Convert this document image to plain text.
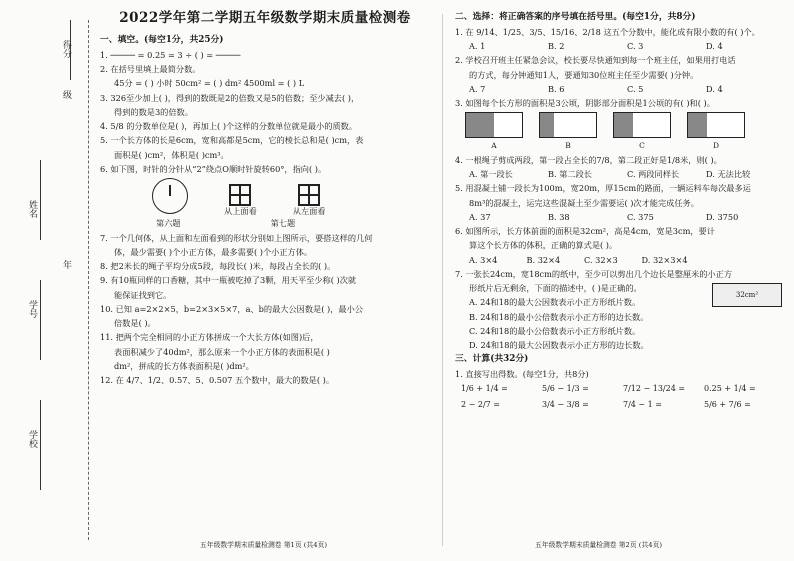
得分
级
姓名
学号
年
学校
2022学年第二学期五年级数学期末质量检测卷
一、填空。(每空1分，共25分)
1. ───── = 0.25 = 3 ÷ ( ) = ─────
2. 在括号里填上最简分数。
45分 = ( ) 小时 50cm² = ( ) dm² 4500ml = ( ) L
3. 326至少加上( )，得到的数既是2的倍数又是5的倍数；至少减去( )，
得到的数是3的倍数。
4. 5/8 的分数单位是( )，再加上( )个这样的分数单位就是最小的质数。
5. 一个长方体的长是6cm，宽和高都是5cm，它的棱长总和是( )cm，表
面积是( )cm²，体积是( )cm³。
6. 如下图，时针的分针从“2”绕点O顺时针旋转60°，指向( )。
从上面看	从左面看
第六题	第七题
7. 一个几何体，从上面和左面看到的形状分别如上图所示，要搭这样的几何
体，最少需要( )个小正方体，最多需要( )个小正方体。
8. 把2米长的绳子平均分成5段，每段长( )米，每段占全长的( )。
9. 有10瓶同样的口香糖，其中一瓶被吃掉了3颗，用天平至少称( )次就
能保证找到它。
10. 已知 a=2×2×5，b=2×3×5×7，a、b的最大公因数是( )，最小公
倍数是( )。
11. 把两个完全相同的小正方体拼成一个大长方体(如图)后，
表面积减少了40dm²，那么原来一个小正方体的表面积是( )
dm²，拼成的长方体表面积是( )dm²。
12. 在 4/7、1/2、0.57、5、0.507 五个数中，最大的数是( )。
五年级数学期末质量检测卷 第1页 (共4页)
二、选择：将正确答案的序号填在括号里。(每空1分，共8分)
1. 在 9/14、1/25、3/5、15/16、2/18 这五个分数中，能化成有限小数的有( )个。
A. 1	B. 2	C. 3	D. 4
2. 学校召开班主任紧急会议，校长要尽快通知到每一个班主任，如果用打电话
的方式，每分钟通知1人，要通知30位班主任至少需要( )分钟。
A. 7	B. 6	C. 5	D. 4
3. 如图每个长方形的面积是3公顷，阴影部分面积是1公顷的有( )和( )。
A	B	C	D
4. 一根绳子剪成两段，第一段占全长的7/8，第二段正好是1/8米，则( )。
A. 第一段长	B. 第二段长	C. 两段同样长	D. 无法比较
5. 用混凝土铺一段长为100m，宽20m，厚15cm的路面，一辆运料车每次最多运
8m³的混凝土，运完这些混凝土至少需要运( )次才能完成任务。
A. 37	B. 38	C. 375	D. 3750
6. 如图所示，长方体前面的面积是32cm²，高是4cm，宽是3cm，要计
算这个长方体的体积，正确的算式是( )。
A. 3×4	B. 32×4	C. 32×3	D. 32×3×4
7. 一张长24cm，宽18cm的纸中，至少可以剪出几个边长是整厘米的小正方
形纸片后无剩余，下面的描述中，( )是正确的。
A. 24和18的最大公因数表示小正方形纸片数。
B. 24和18的最小公倍数表示小正方形的边长数。
C. 24和18的最小公倍数表示小正方形纸片数。
D. 24和18的最大公因数表示小正方形的边长数。
三、计算(共32分)
1. 直接写出得数。(每空1分，共8分)
1/6 + 1/4 =	5/6 − 1/3 =	7/12 − 13/24 =	0.25 + 1/4 =
2 − 2/7 =	3/4 − 3/8 =	7/4 − 1 =	5/6 + 7/6 =
32cm²
五年级数学期末质量检测卷 第2页 (共4页)
